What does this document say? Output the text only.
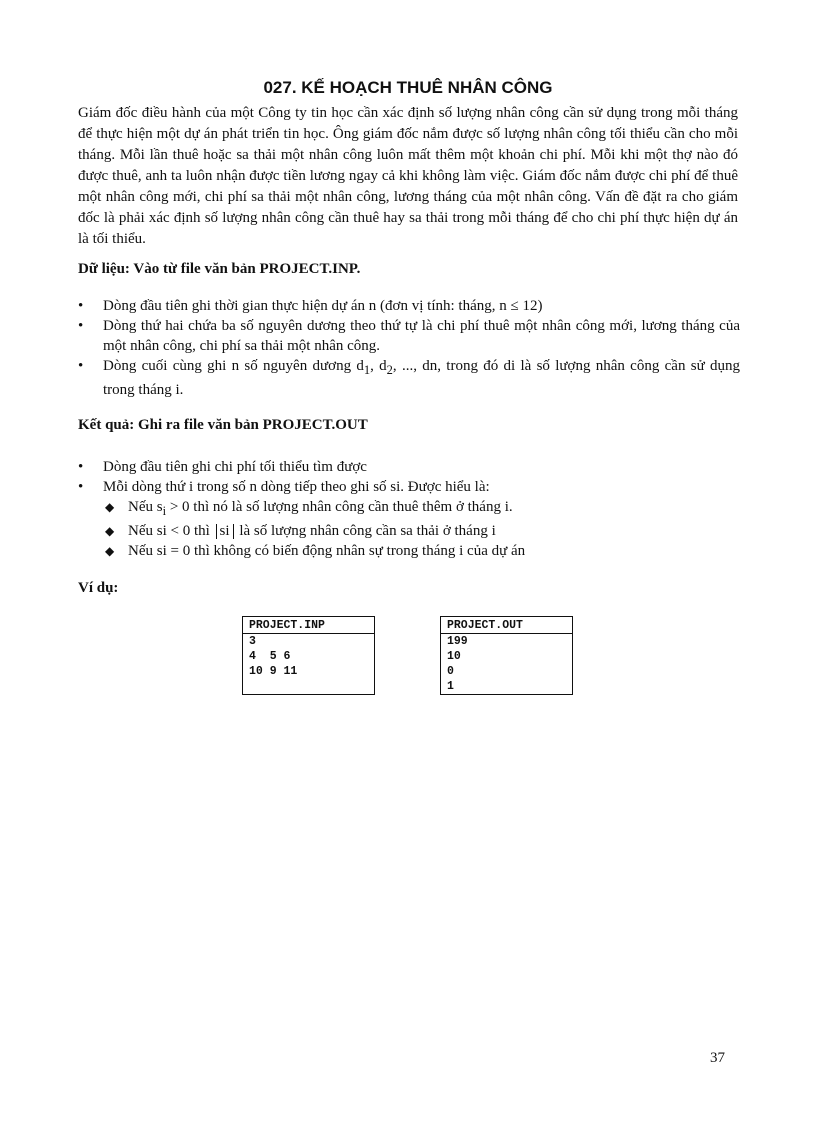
027. KẾ HOẠCH THUÊ NHÂN CÔNG

Giám đốc điều hành của một Công ty tin học cần xác định số lượng nhân công cần sử dụng trong mỗi tháng để thực hiện một dự án phát triển tin học. Ông giám đốc nắm được số lượng nhân công tối thiểu cần cho mỗi tháng. Mỗi lần thuê hoặc sa thải một nhân công luôn mất thêm một khoản chi phí. Mỗi khi một thợ nào đó được thuê, anh ta luôn nhận được tiền lương ngay cả khi không làm việc. Giám đốc nắm được chi phí để thuê một nhân công mới, chi phí sa thải một nhân công, lương tháng của một nhân công. Vấn đề đặt ra cho giám đốc là phải xác định số lượng nhân công cần thuê hay sa thải trong mỗi tháng để cho chi phí thực hiện dự án là tối thiểu.

Dữ liệu: Vào từ file văn bản PROJECT.INP.

• Dòng đầu tiên ghi thời gian thực hiện dự án n (đơn vị tính: tháng, n ≤ 12)
• Dòng thứ hai chứa ba số nguyên dương theo thứ tự là chi phí thuê một nhân công mới, lương tháng của một nhân công, chi phí sa thải một nhân công.
• Dòng cuối cùng ghi n số nguyên dương $d_1$, $d_2$, ..., dn, trong đó di là số lượng nhân công cần sử dụng trong tháng i.

Kết quả: Ghi ra file văn bản PROJECT.OUT

• Dòng đầu tiên ghi chi phí tối thiểu tìm được
• Mỗi dòng thứ i trong số n dòng tiếp theo ghi số si. Được hiểu là:
◆ Nếu $s_i > 0$ thì nó là số lượng nhân công cần thuê thêm ở tháng i.
◆ Nếu si < 0 thì si là số lượng nhân công cần sa thải ở tháng i
◆ Nếu si = 0 thì không có biến động nhân sự trong tháng i của dự án

Ví dụ:

PROJECT.INP
3
4  5 6
10 9 11
PROJECT.OUT
199
10
0
1
37
